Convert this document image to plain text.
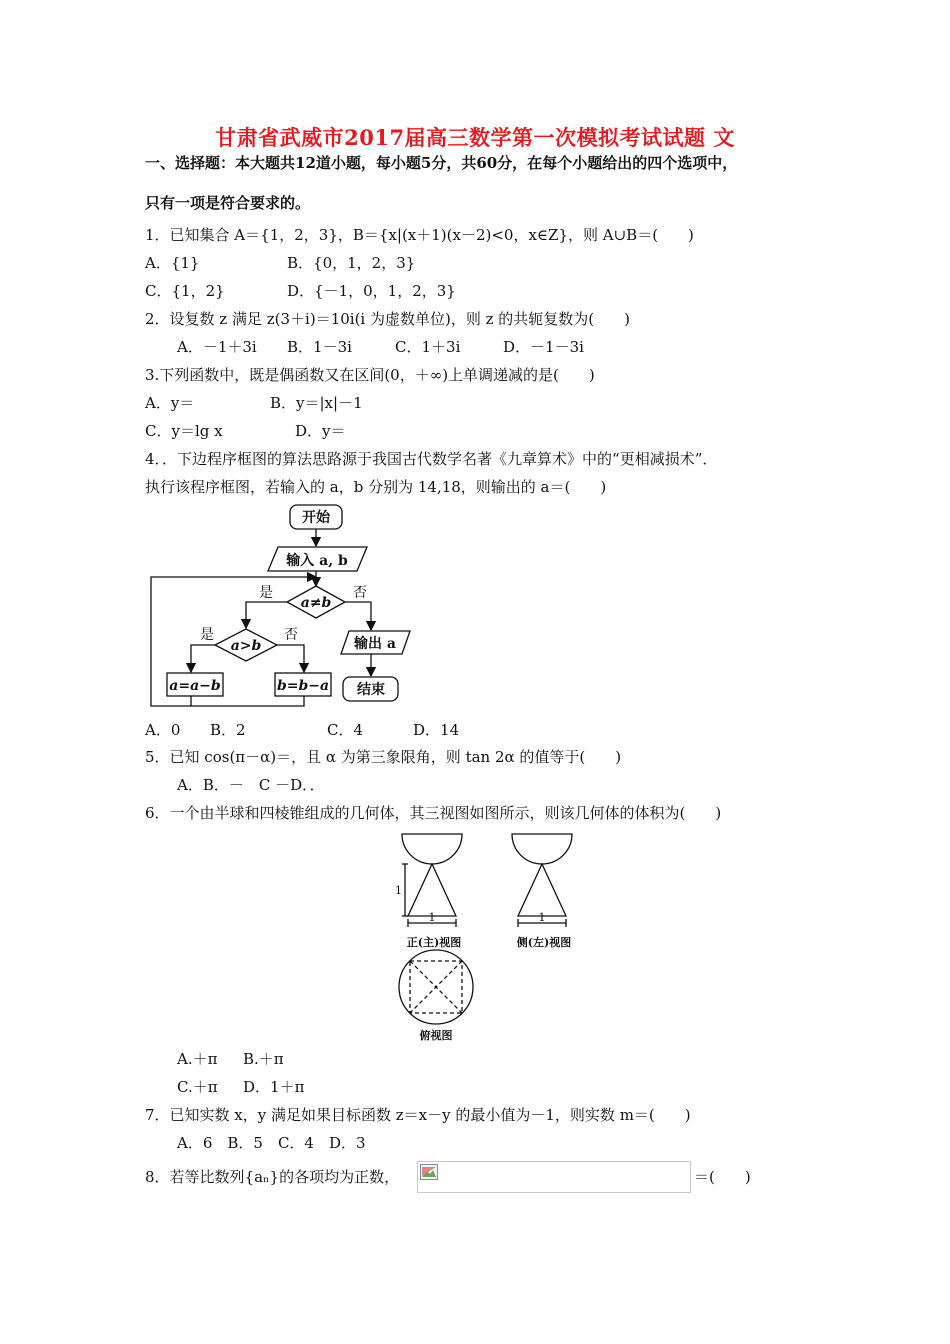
甘肃省武威市2017届高三数学第一次模拟考试试题 文
一、选择题：本大题共12道小题，每小题5分，共60分，在每个小题给出的四个选项中，
只有一项是符合要求的。
1．已知集合 A＝{1，2，3}，B＝{x|(x＋1)(x－2)<0，x∈Z}，则 A∪B＝(　　)
A．{1}	B．{0，1，2，3}
C．{1，2}	D．{－1，0，1，2，3}
2．设复数 z 满足 z(3＋i)＝10i(i 为虚数单位)，则 z 的共轭复数为(　　)
A．－1＋3i B．1－3i	C．1＋3i	D．－1－3i
3.下列函数中，既是偶函数又在区间(0，＋∞)上单调递减的是(　　)
A．y＝	B．y＝|x|－1
C．y＝lg x	D．y＝
4．．下边程序框图的算法思路源于我国古代数学名著《九章算术》中的“更相减损术”．
执行该程序框图，若输入的 a，b 分别为 14,18，则输出的 a＝(　　)
开始
输入 a, b
a≠b
是	否
输出 a
结束
a>b
是	否
a=a−b	b=b−a
A．0 B．2	C．4	D．14
5．已知 cos(π－α)＝，且 α 为第三象限角，则 tan 2α 的值等于(　　)
A．B．－　C －D．．
6．一个由半球和四棱锥组成的几何体，其三视图如图所示，则该几何体的体积为(　　)
1
1	1
正(主)视图	侧(左)视图
俯视图
A.＋π B.＋π
C.＋π D．1＋π
7．已知实数 x，y 满足如果目标函数 z＝x－y 的最小值为－1，则实数 m＝(　　)
A．6　B．5　C．4　D．3
8．若等比数列{aₙ}的各项均为正数，	＝(　　)
